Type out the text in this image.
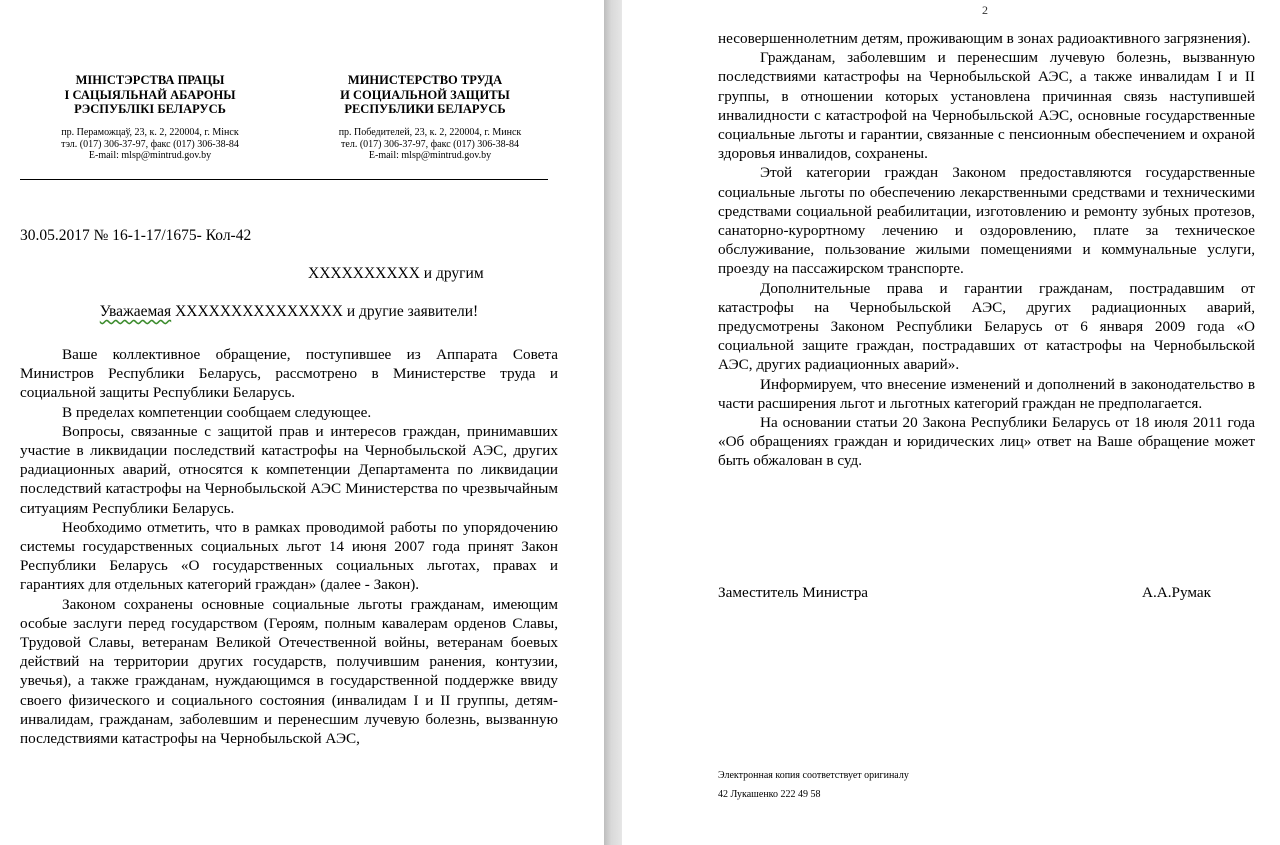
МІНІСТЭРСТВА ПРАЦЫ
І САЦЫЯЛЬНАЙ АБАРОНЫ
РЭСПУБЛІКІ БЕЛАРУСЬ
пр. Пераможцаў, 23, к. 2, 220004, г. Мінск
тэл. (017) 306-37-97, факс (017) 306-38-84
E-mail: mlsp@mintrud.gov.by
МИНИСТЕРСТВО ТРУДА
И СОЦИАЛЬНОЙ ЗАЩИТЫ
РЕСПУБЛИКИ БЕЛАРУСЬ
пр. Победителей, 23, к. 2, 220004, г. Минск
тел. (017) 306-37-97, факс (017) 306-38-84
E-mail: mlsp@mintrud.gov.by
30.05.2017 № 16-1-17/1675- Кол-42
ХХХХХХХХХХ и другим
Уважаемая ХХХХХХХХХХХХХХХ и другие заявители!

Ваше коллективное обращение, поступившее из Аппарата Совета Министров Республики Беларусь, рассмотрено в Министерстве труда и социальной защиты Республики Беларусь.

В пределах компетенции сообщаем следующее.

Вопросы, связанные с защитой прав и интересов граждан, принимавших участие в ликвидации последствий катастрофы на Чернобыльской АЭС, других радиационных аварий, относятся к компетенции Департамента по ликвидации последствий катастрофы на Чернобыльской АЭС Министерства по чрезвычайным ситуациям Республики Беларусь.

Необходимо отметить, что в рамках проводимой работы по упорядочению системы государственных социальных льгот 14 июня 2007 года принят Закон Республики Беларусь «О государственных социальных льготах, правах и гарантиях для отдельных категорий граждан» (далее - Закон).

Законом сохранены основные социальные льготы гражданам, имеющим особые заслуги перед государством (Героям, полным кавалерам орденов Славы, Трудовой Славы, ветеранам Великой Отечественной войны, ветеранам боевых действий на территории других государств, получившим ранения, контузии, увечья), а также гражданам, нуждающимся в государственной поддержке ввиду своего физического и социального состояния (инвалидам I и II группы, детям-инвалидам, гражданам, заболевшим и перенесшим лучевую болезнь, вызванную последствиями катастрофы на Чернобыльской АЭС,

2

несовершеннолетним детям, проживающим в зонах радиоактивного загрязнения).

Гражданам, заболевшим и перенесшим лучевую болезнь, вызванную последствиями катастрофы на Чернобыльской АЭС, а также инвалидам I и II группы, в отношении которых установлена причинная связь наступившей инвалидности с катастрофой на Чернобыльской АЭС, основные государственные социальные льготы и гарантии, связанные с пенсионным обеспечением и охраной здоровья инвалидов, сохранены.

Этой категории граждан Законом предоставляются государственные социальные льготы по обеспечению лекарственными средствами и техническими средствами социальной реабилитации, изготовлению и ремонту зубных протезов, санаторно-курортному лечению и оздоровлению, плате за техническое обслуживание, пользование жилыми помещениями и коммунальные услуги, проезду на пассажирском транспорте.

Дополнительные права и гарантии гражданам, пострадавшим от катастрофы на Чернобыльской АЭС, других радиационных аварий, предусмотрены Законом Республики Беларусь от 6 января 2009 года «О социальной защите граждан, пострадавших от катастрофы на Чернобыльской АЭС, других радиационных аварий».

Информируем, что внесение изменений и дополнений в законодательство в части расширения льгот и льготных категорий граждан не предполагается.

На основании статьи 20 Закона Республики Беларусь от 18 июля 2011 года «Об обращениях граждан и юридических лиц» ответ на Ваше обращение может быть обжалован в суд.

Заместитель Министра	А.А.Румак
Электронная копия соответствует оригиналу
42 Лукашенко 222 49 58
